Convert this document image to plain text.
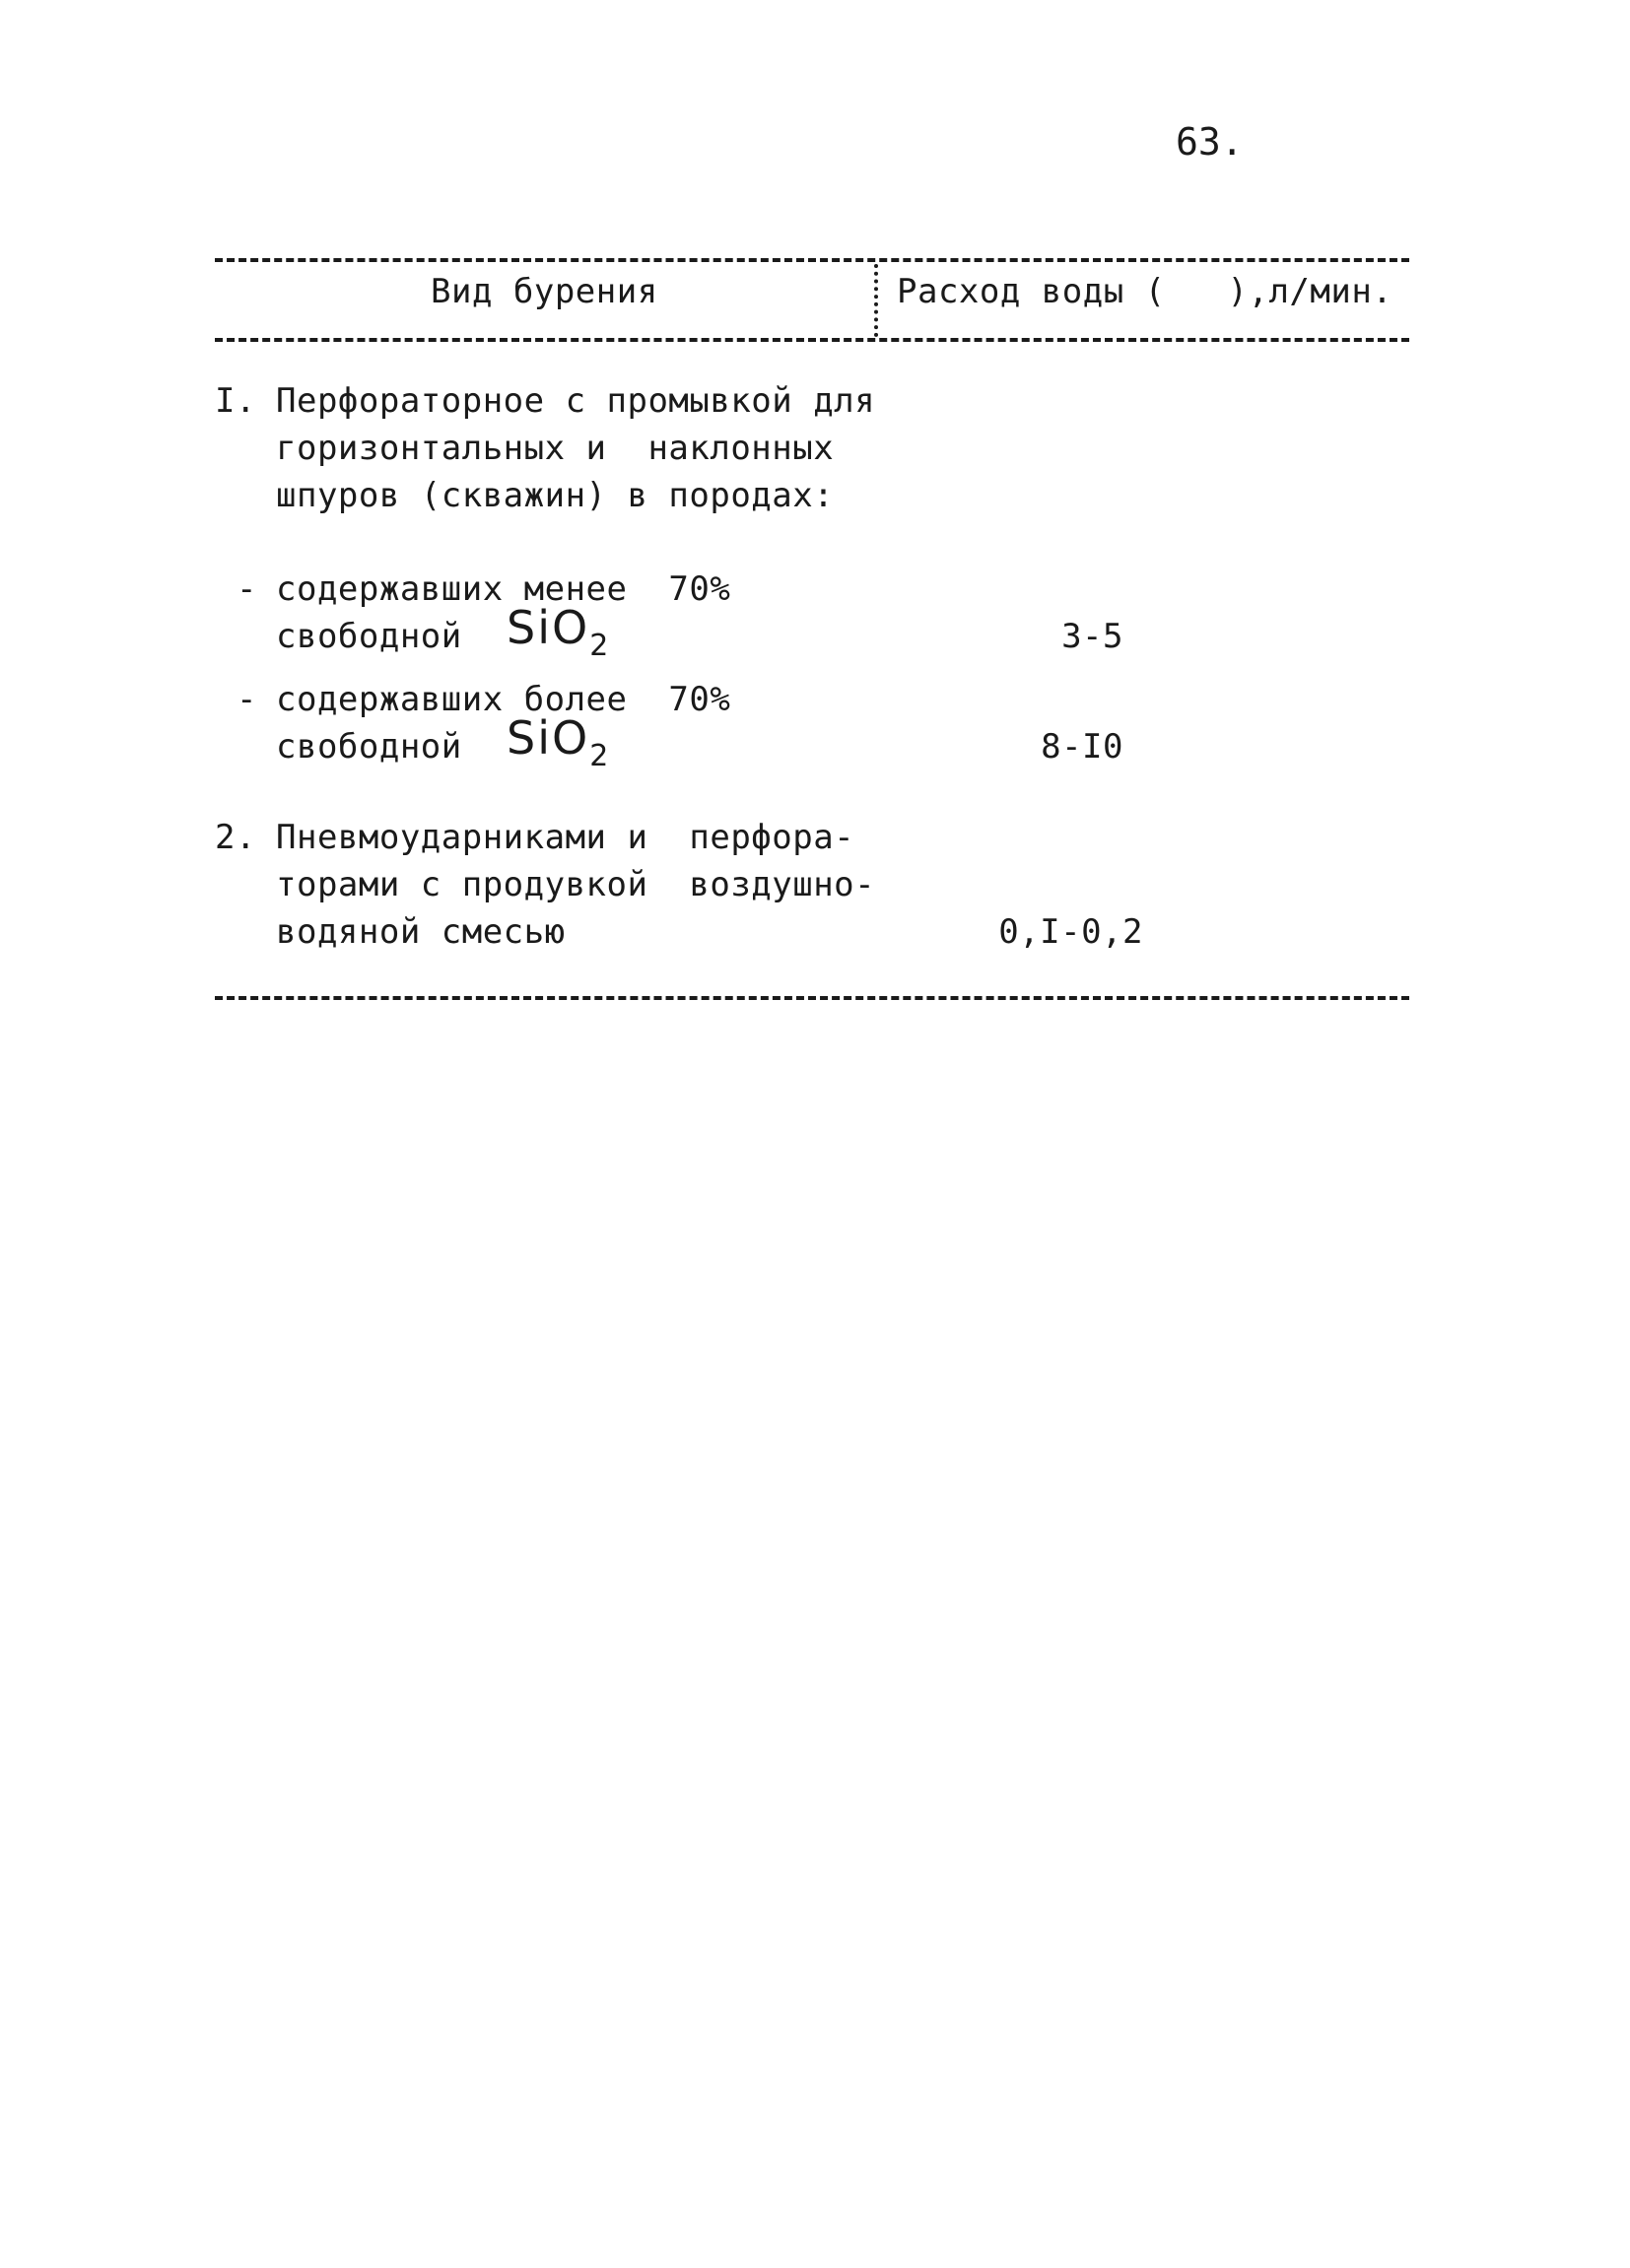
63.
Вид бурения	Расход воды (   ),л/мин.
I. Перфораторное с промывкой для
горизонтальных и  наклонных
шпуров (скважин) в породах:
- содержавших менее  70%
свободной SiO$_2$	3-5
- содержавших более  70%
свободной SiO$_2$	8-I0
2. Пневмоударниками и  перфора-
торами с продувкой  воздушно-
водяной смесью	0,I-0,2
